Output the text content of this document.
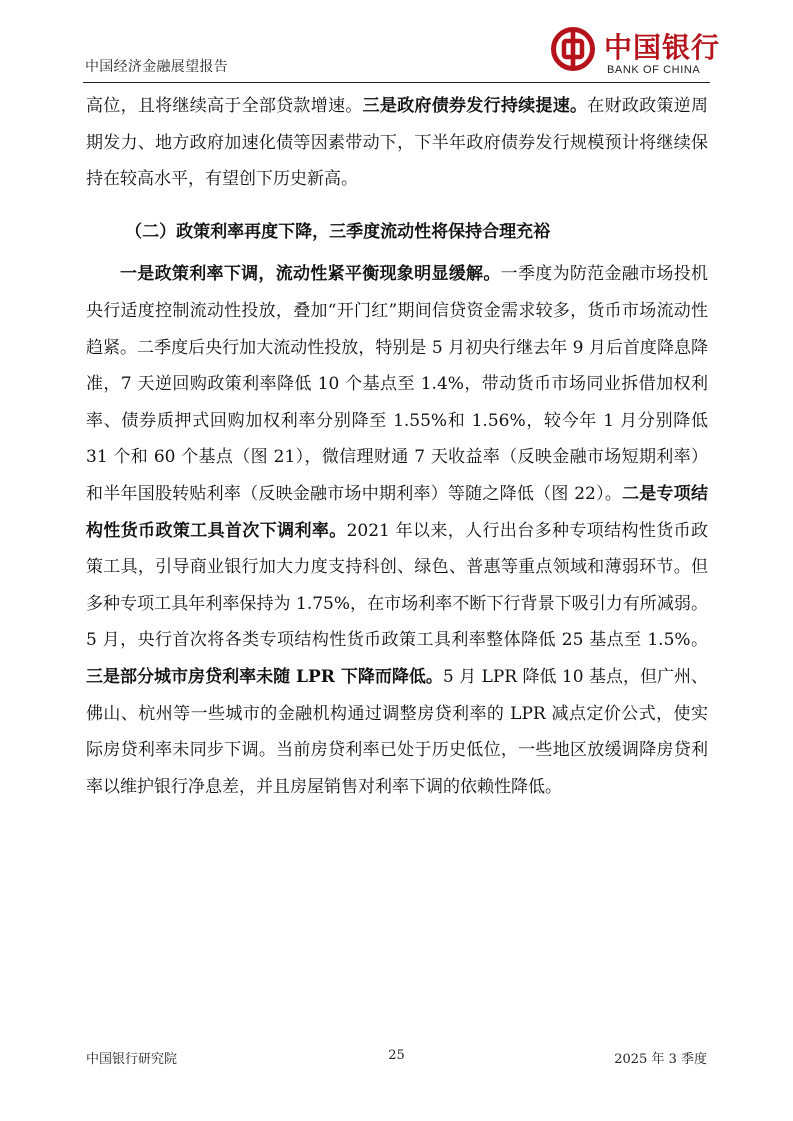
中国经济金融展望报告
中国银行
BANK OF CHINA

高位，且将继续高于全部贷款增速。三是政府债券发行持续提速。在财政政策逆周期发力、地方政府加速化债等因素带动下，下半年政府债券发行规模预计将继续保持在较高水平，有望创下历史新高。

（二）政策利率再度下降，三季度流动性将保持合理充裕

一是政策利率下调，流动性紧平衡现象明显缓解。一季度为防范金融市场投机央行适度控制流动性投放，叠加“开门红”期间信贷资金需求较多，货币市场流动性趋紧。二季度后央行加大流动性投放，特别是 5 月初央行继去年 9 月后首度降息降准，7 天逆回购政策利率降低 10 个基点至 1.4%，带动货币市场同业拆借加权利率、债券质押式回购加权利率分别降至 1.55%和 1.56%，较今年 1 月分别降低 31 个和 60 个基点（图 21），微信理财通 7 天收益率（反映金融市场短期利率）和半年国股转贴利率（反映金融市场中期利率）等随之降低（图 22）。二是专项结构性货币政策工具首次下调利率。2021 年以来，人行出台多种专项结构性货币政策工具，引导商业银行加大力度支持科创、绿色、普惠等重点领域和薄弱环节。但多种专项工具年利率保持为 1.75%，在市场利率不断下行背景下吸引力有所减弱。5 月，央行首次将各类专项结构性货币政策工具利率整体降低 25 基点至 1.5%。三是部分城市房贷利率未随 LPR 下降而降低。5 月 LPR 降低 10 基点，但广州、佛山、杭州等一些城市的金融机构通过调整房贷利率的 LPR 减点定价公式，使实际房贷利率未同步下调。当前房贷利率已处于历史低位，一些地区放缓调降房贷利率以维护银行净息差，并且房屋销售对利率下调的依赖性降低。

中国银行研究院	25	2025 年 3 季度
